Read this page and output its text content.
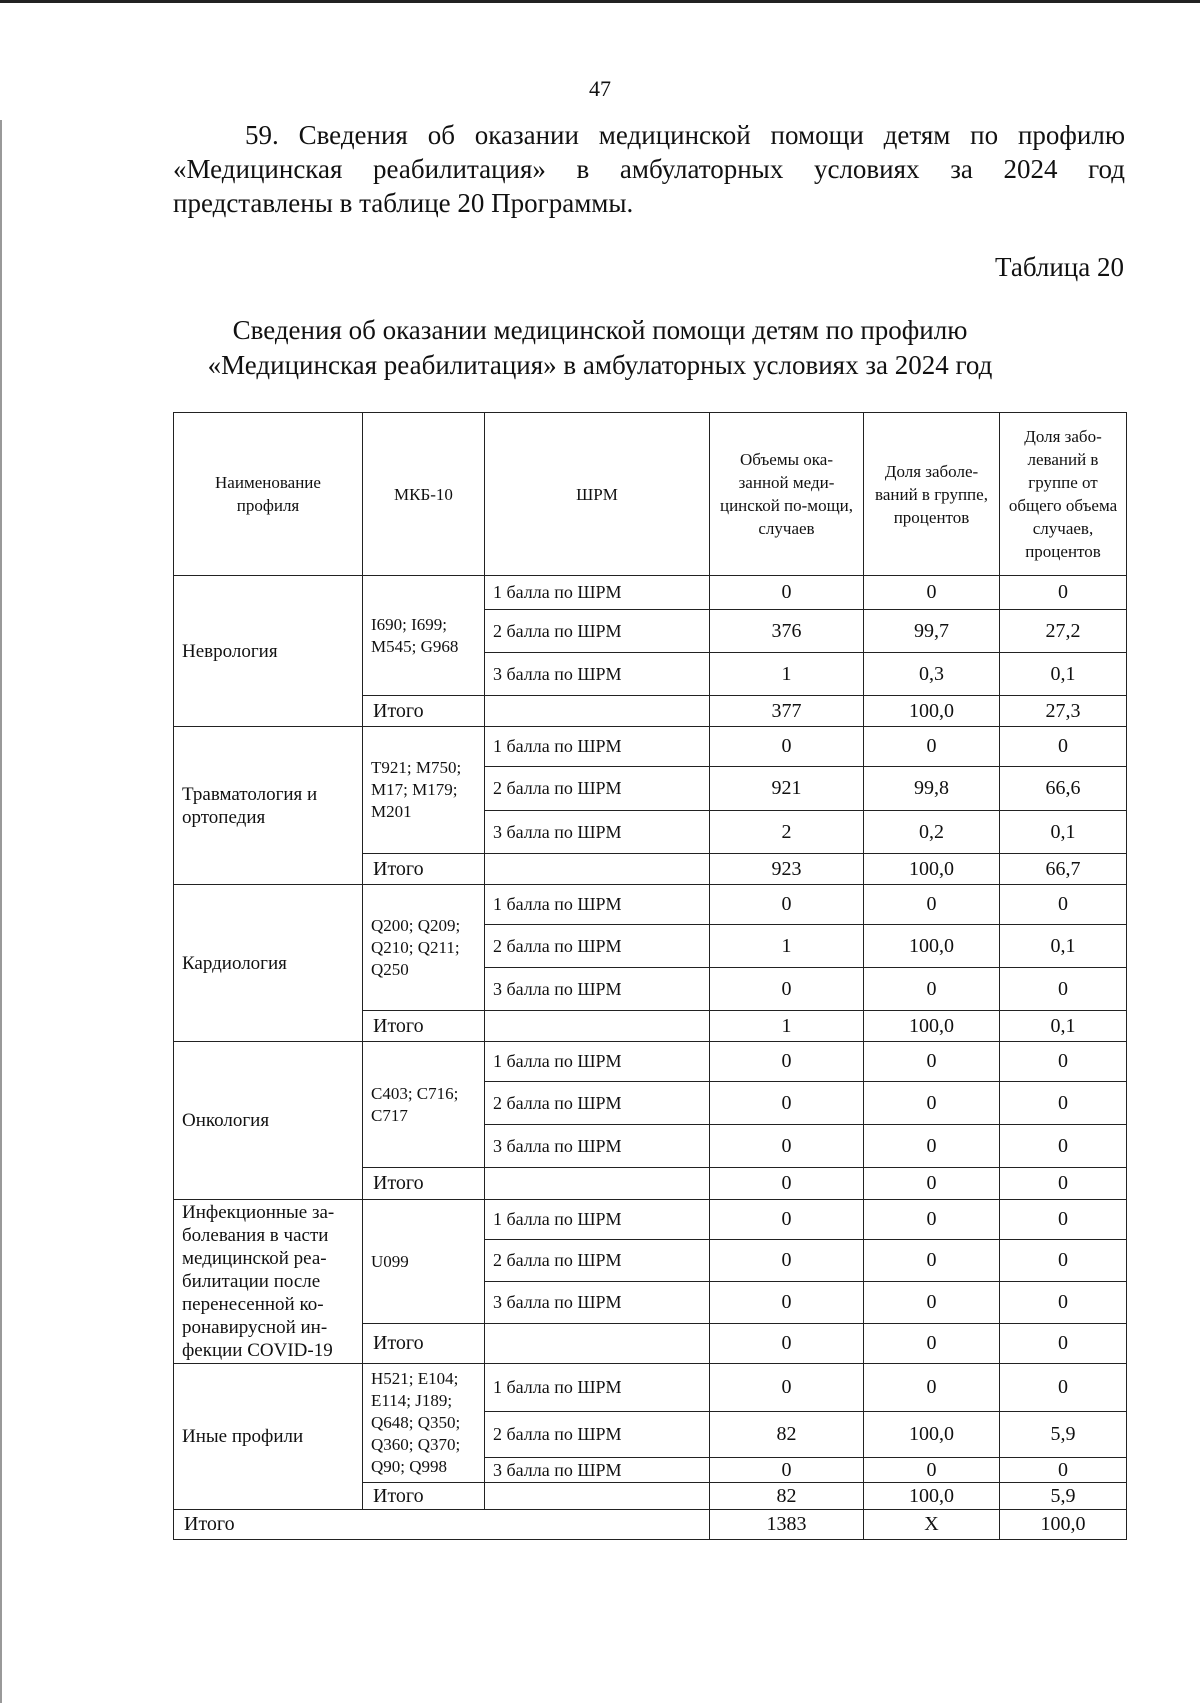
47
59. Сведения об оказании медицинской помощи детям по профилю
«Медицинская реабилитация» в амбулаторных условиях за 2024 год
представлены в таблице 20 Программы.
Таблица 20
Сведения об оказании медицинской помощи детям по профилю
«Медицинская реабилитация» в амбулаторных условиях за 2024 год
Наименование профиля	МКБ-10	ШРМ	Объемы ока-занной меди-цинской по-мощи, случаев	Доля заболе-ваний в группе, процентов	Доля забо-леваний в группе от общего объема случаев, процентов
Неврология	I690; I699; M545; G968	1 балла по ШРМ	0	0	0
		2 балла по ШРМ	376	99,7	27,2
		3 балла по ШРМ	1	0,3	0,1
	Итого		377	100,0	27,3
Травматология и ортопедия	T921; M750; M17; M179; M201	1 балла по ШРМ	0	0	0
		2 балла по ШРМ	921	99,8	66,6
		3 балла по ШРМ	2	0,2	0,1
	Итого		923	100,0	66,7
Кардиология	Q200; Q209; Q210; Q211; Q250	1 балла по ШРМ	0	0	0
		2 балла по ШРМ	1	100,0	0,1
		3 балла по ШРМ	0	0	0
	Итого		1	100,0	0,1
Онкология	C403; C716; C717	1 балла по ШРМ	0	0	0
		2 балла по ШРМ	0	0	0
		3 балла по ШРМ	0	0	0
	Итого		0	0	0
Инфекционные за-болевания в части медицинской реа-билитации после перенесенной ко-ронавирусной ин-фекции COVID-19	U099	1 балла по ШРМ	0	0	0
		2 балла по ШРМ	0	0	0
		3 балла по ШРМ	0	0	0
	Итого		0	0	0
Иные профили	H521; E104; E114; J189; Q648; Q350; Q360; Q370; Q90; Q998	1 балла по ШРМ	0	0	0
		2 балла по ШРМ	82	100,0	5,9
		3 балла по ШРМ	0	0	0
	Итого		82	100,0	5,9
Итого			1383	X	100,0
